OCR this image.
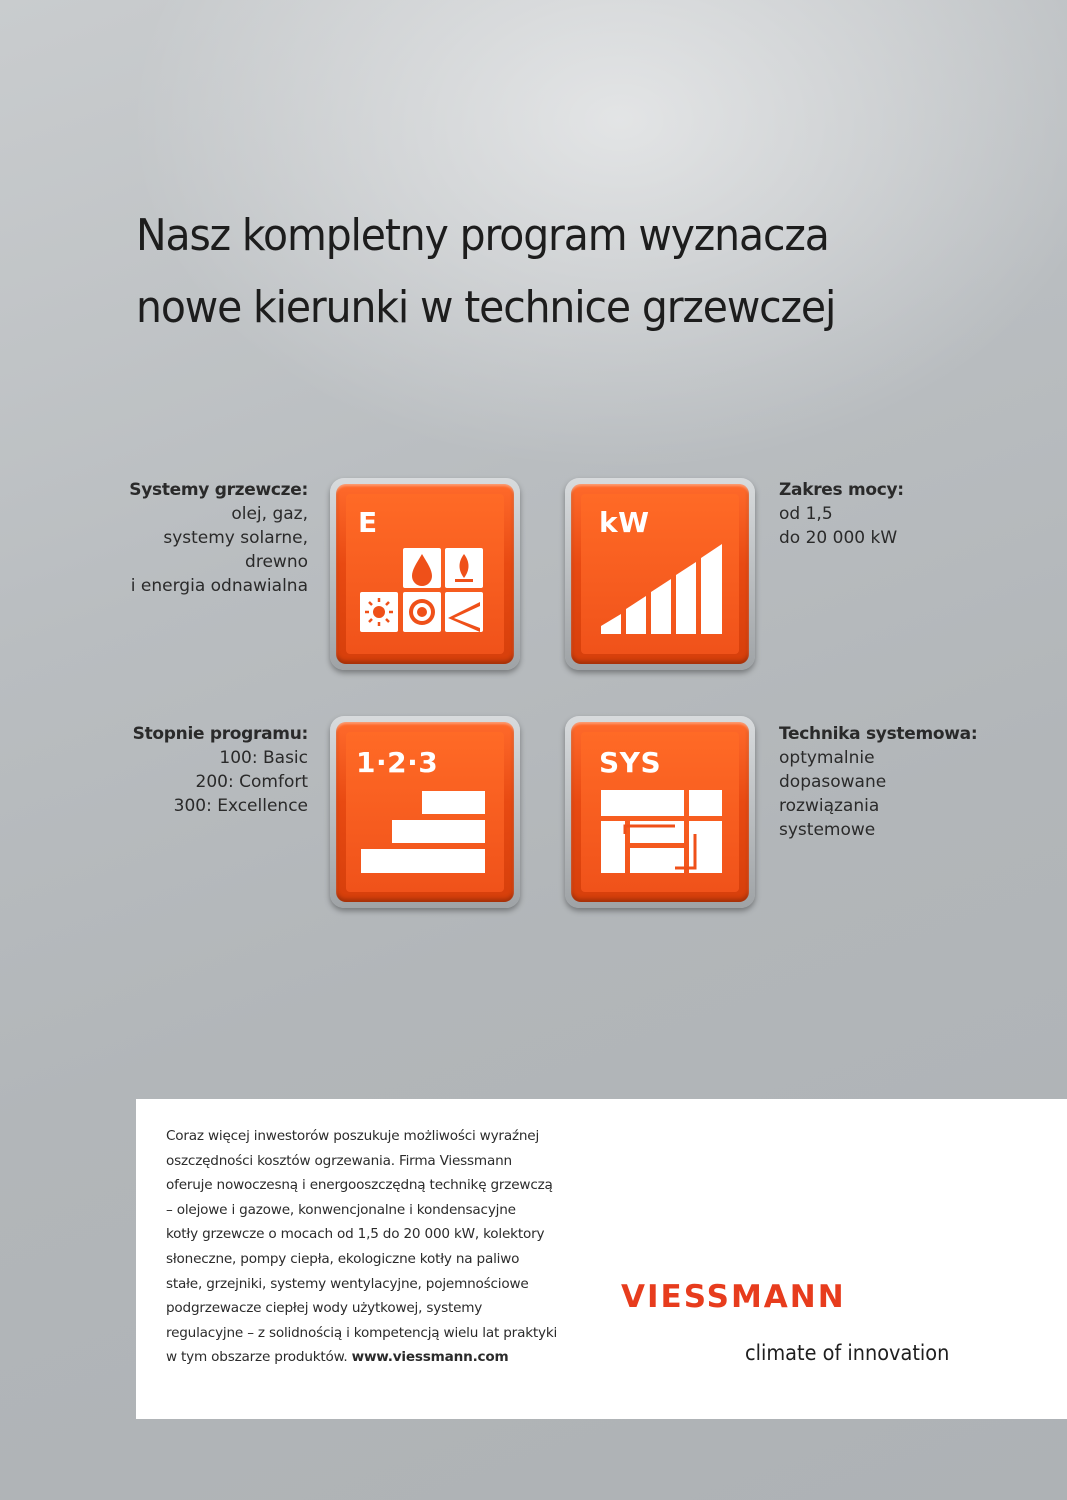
Nasz kompletny program wyznacza
nowe kierunki w technice grzewczej
Systemy grzewcze:
olej, gaz,
systemy solarne,
drewno
i energia odnawialna
Zakres mocy:
od 1,5
do 20 000 kW
Stopnie programu:
100: Basic
200: Comfort
300: Excellence
Technika systemowa:
optymalnie
dopasowane
rozwiązania
systemowe
E	kW
1·2·3	SYS
Coraz więcej inwestorów poszukuje możliwości wyraźnej
oszczędności kosztów ogrzewania. Firma Viessmann
oferuje nowoczesną i energooszczędną technikę grzewczą
– olejowe i gazowe, konwencjonalne i kondensacyjne
kotły grzewcze o mocach od 1,5 do 20 000 kW, kolektory
słoneczne, pompy ciepła, ekologiczne kotły na paliwo
stałe, grzejniki, systemy wentylacyjne, pojemnościowe
podgrzewacze ciepłej wody użytkowej, systemy
regulacyjne – z solidnością i kompetencją wielu lat praktyki
w tym obszarze produktów. www.viessmann.com
VIESSMANN
climate of innovation
